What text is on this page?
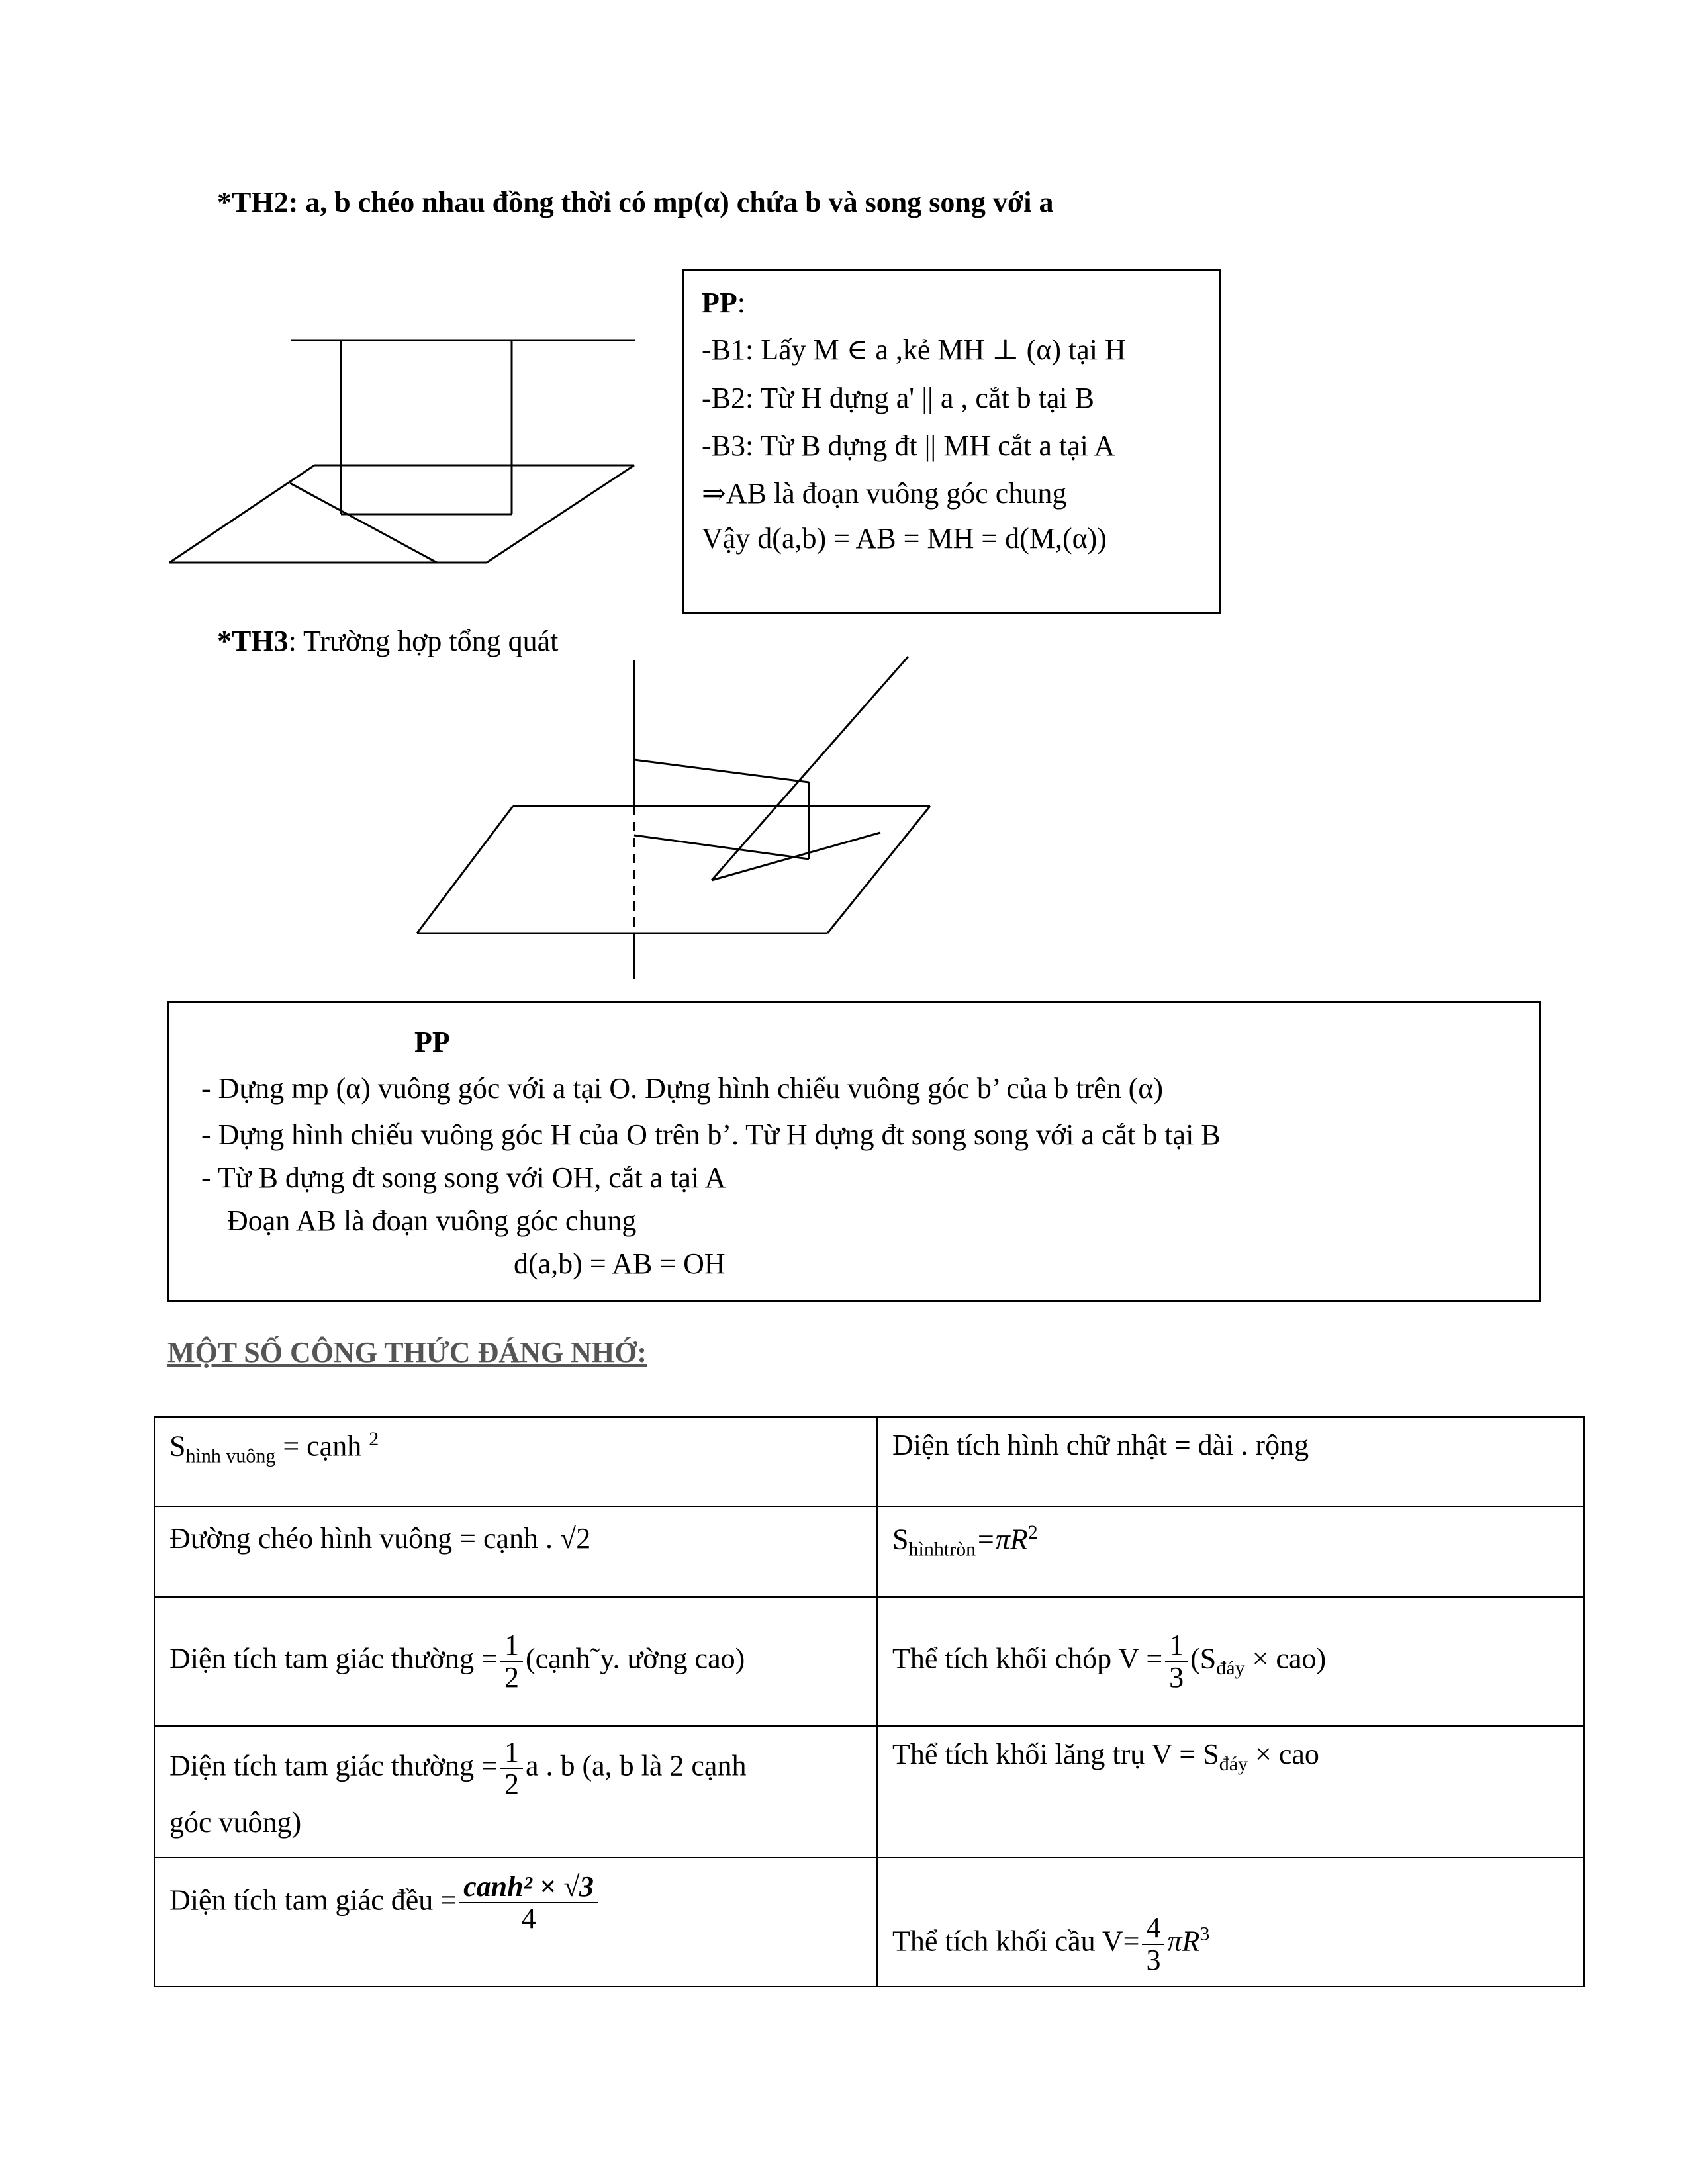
*TH2: a, b chéo nhau đồng thời có mp(α) chứa b và song song với a
PP:
-B1: Lấy M ∈ a ,kẻ MH ⊥ (α) tại H
-B2: Từ H dựng a' || a , cắt b tại B
-B3: Từ B dựng đt || MH cắt a tại A
⇒AB là đoạn vuông góc chung
Vậy d(a,b) = AB = MH = d(M,(α))
*TH3: Trường hợp tổng quát
PP
- Dựng mp (α) vuông góc với a tại O. Dựng hình chiếu vuông góc b’ của b trên (α)
- Dựng hình chiếu vuông góc H của O trên b’. Từ H dựng đt song song với a cắt b tại B
- Từ B dựng đt song song với OH, cắt a tại A
Đoạn AB là đoạn vuông góc chung
d(a,b) = AB = OH
MỘT SỐ CÔNG THỨC ĐÁNG NHỚ:
$S_{hình vuông}$ = cạnh $^2$	Diện tích hình chữ nhật = dài . rộng
Đường chéo hình vuông = cạnh . √2	$S_{hìnhtròn}=\pi R^2$
Diện tích tam giác thường = $\frac{1}{2}$ (cạnh˜y. ường cao)	Thể tích khối chóp $V = \frac{1}{3} (S_{đáy} \times cao)$
Diện tích tam giác thường = $\frac{1}{2}$ a . b (a, b là 2 cạnh
góc vuông)	Thể tích khối lăng trụ $V = S_{đáy}$ × cao
Diện tích tam giác đều = $\frac{\text{canh² × √3}}{4}$	Thể tích khối cầu $V= \frac{4}{3} \pi R^3$
